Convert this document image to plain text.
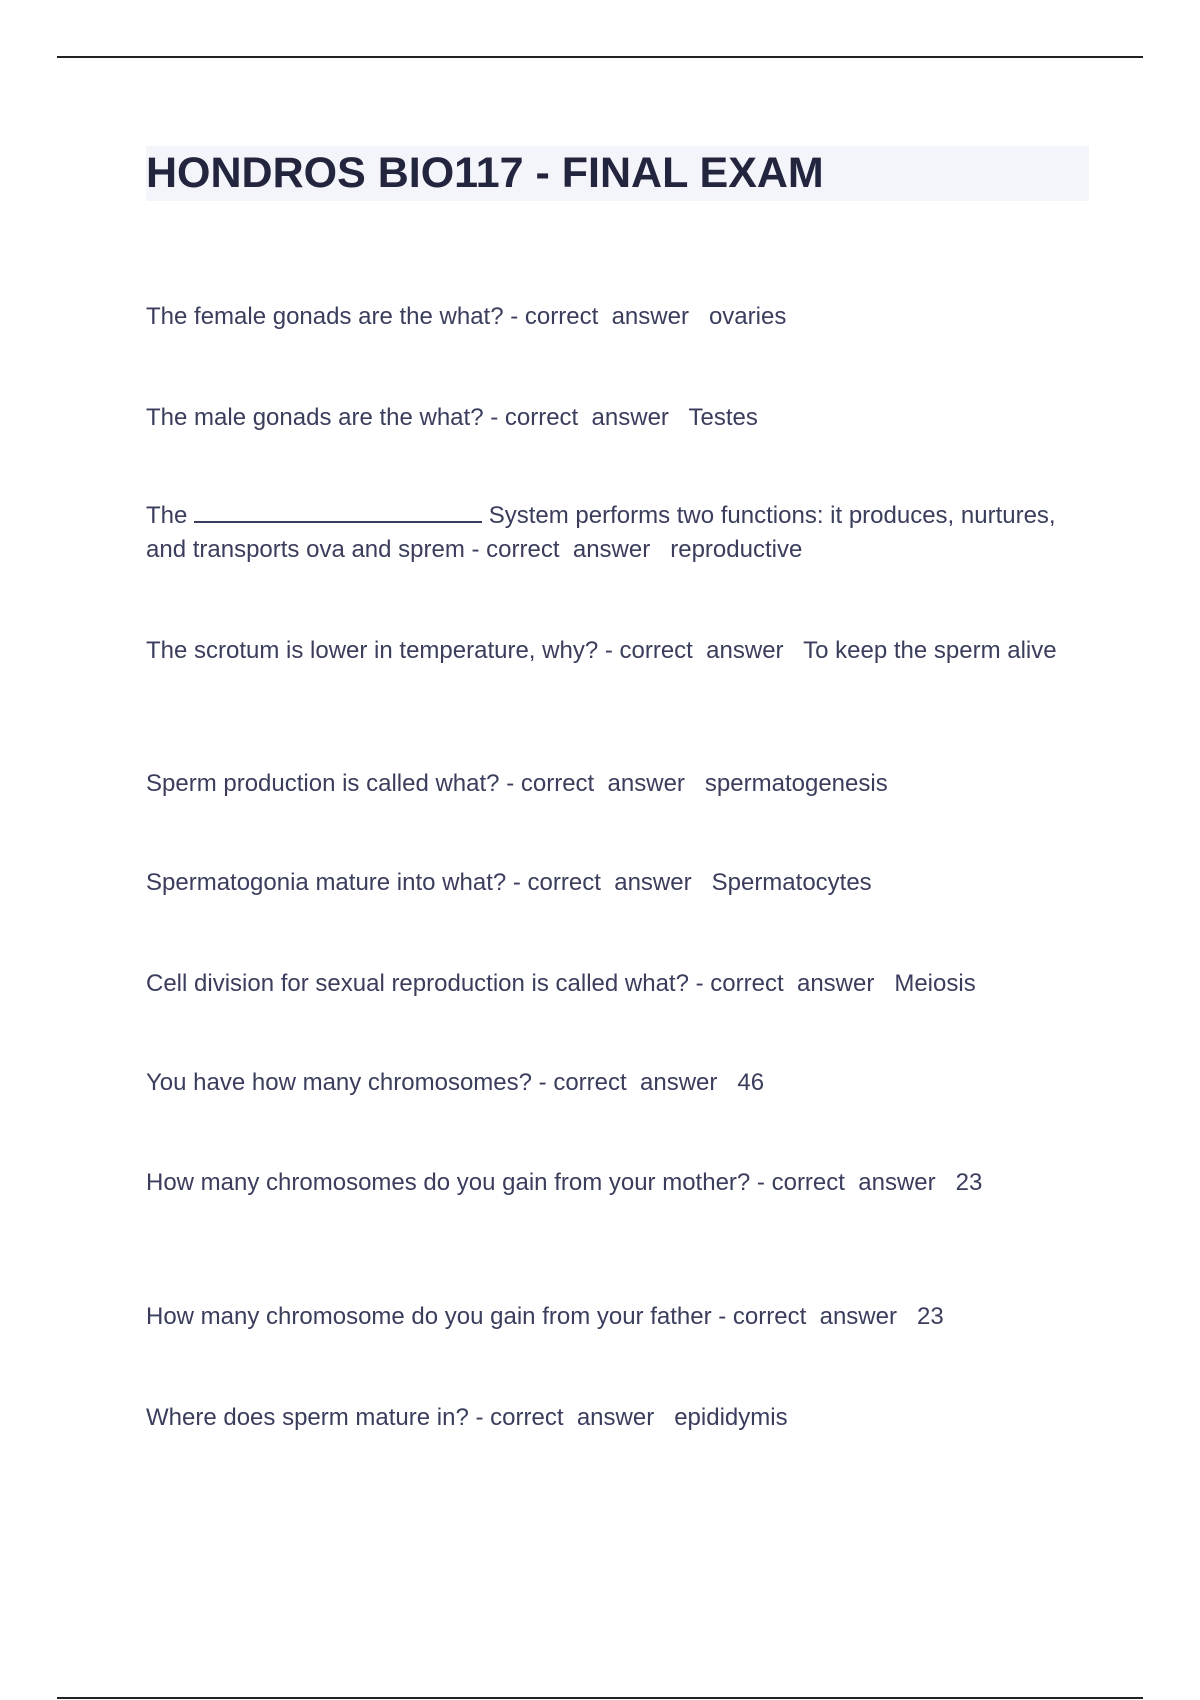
HONDROS BIO117 - FINAL EXAM

The female gonads are the what? - correct  answer   ovaries

The male gonads are the what? - correct  answer   Testes

The	System performs two functions: it produces, nurtures, and transports ova and sprem - correct  answer   reproductive

The scrotum is lower in temperature, why? - correct  answer   To keep the sperm alive

Sperm production is called what? - correct  answer   spermatogenesis

Spermatogonia mature into what? - correct  answer   Spermatocytes

Cell division for sexual reproduction is called what? - correct  answer   Meiosis

You have how many chromosomes? - correct  answer   46

How many chromosomes do you gain from your mother? - correct  answer   23

How many chromosome do you gain from your father - correct  answer   23

Where does sperm mature in? - correct  answer   epididymis
